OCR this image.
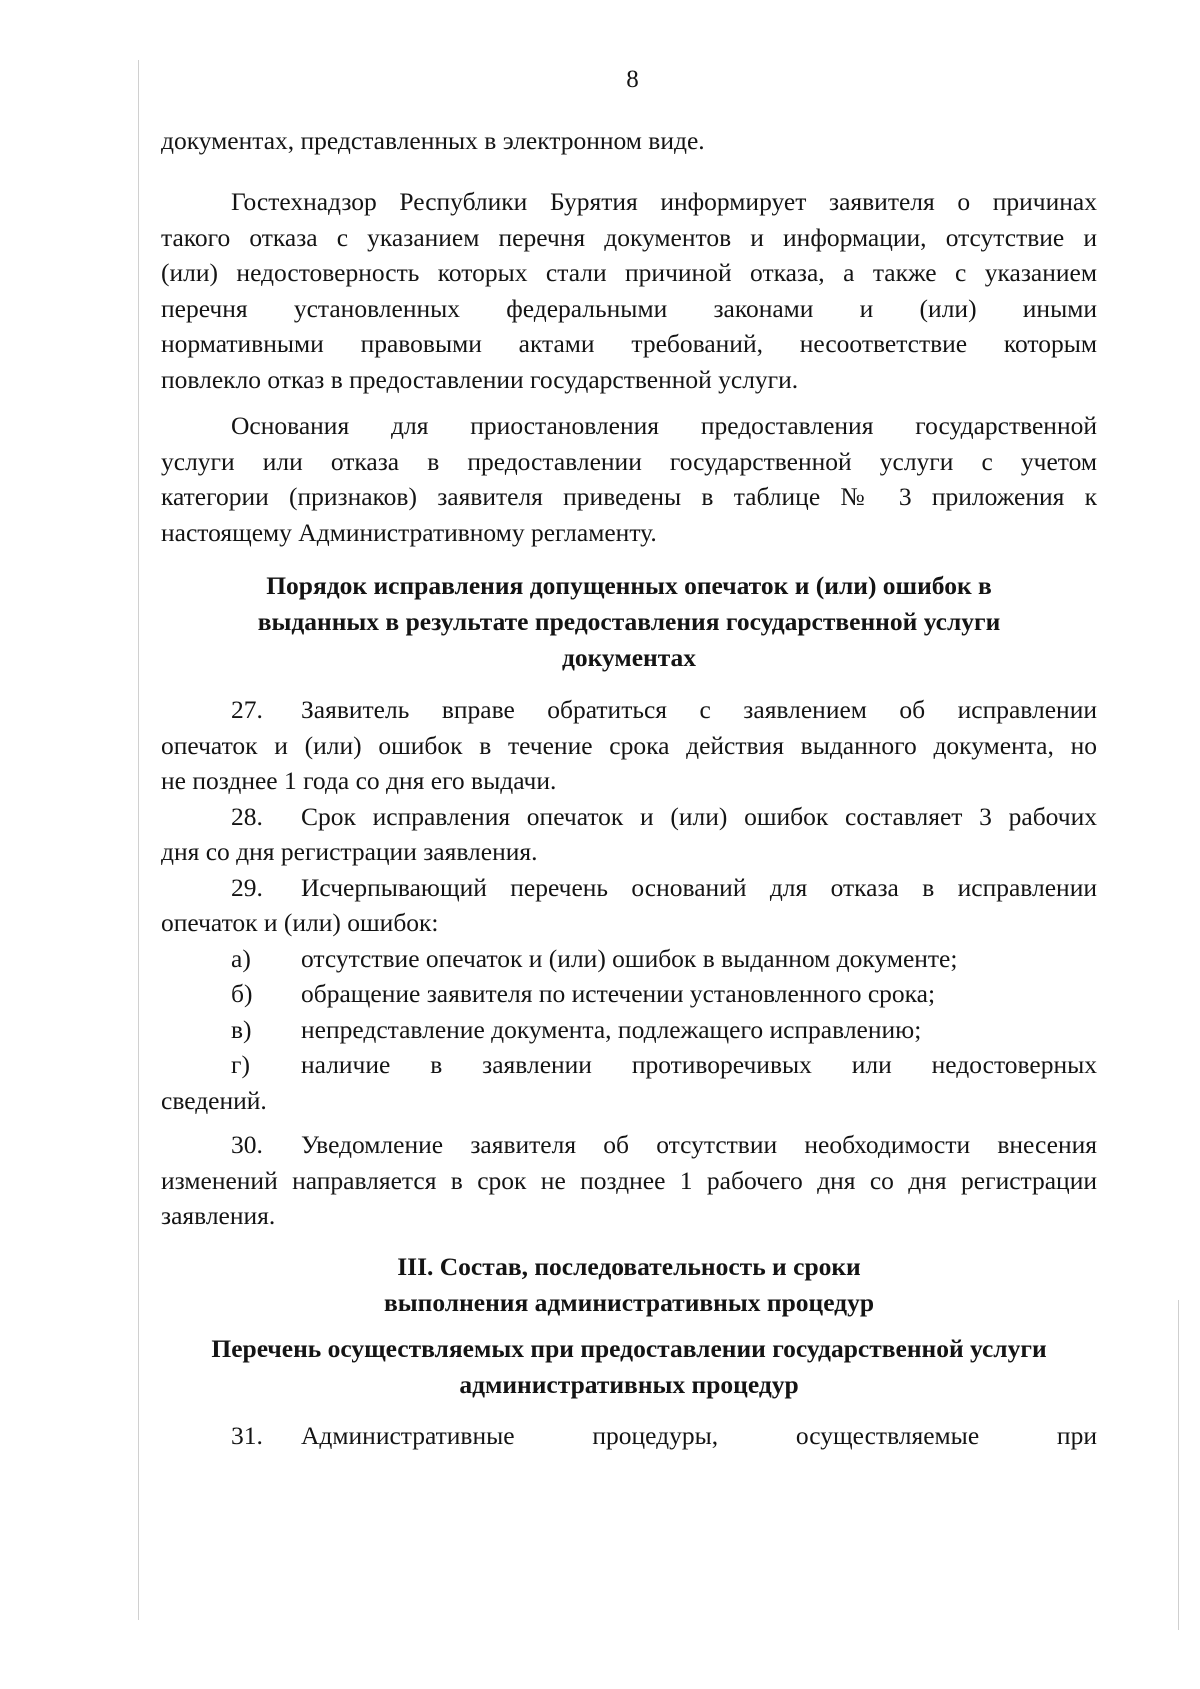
8
документах, представленных в электронном виде.
Гостехнадзор Республики Бурятия информирует заявителя о причинах
такого отказа с указанием перечня документов и информации, отсутствие и
(или) недостоверность которых стали причиной отказа, а также с указанием
перечня установленных федеральными законами и (или) иными
нормативными правовыми актами требований, несоответствие которым
повлекло отказ в предоставлении государственной услуги.
Основания для приостановления предоставления государственной
услуги или отказа в предоставлении государственной услуги с учетом
категории (признаков) заявителя приведены в таблице № 3 приложения к
настоящему Административному регламенту.
Порядок исправления допущенных опечаток и (или) ошибок в
выданных в результате предоставления государственной услуги
документах
27.	Заявитель вправе обратиться с заявлением об исправлении
опечаток и (или) ошибок в течение срока действия выданного документа, но
не позднее 1 года со дня его выдачи.
28.	Срок исправления опечаток и (или) ошибок составляет 3 рабочих
дня со дня регистрации заявления.
29.	Исчерпывающий перечень оснований для отказа в исправлении
опечаток и (или) ошибок:
а)	отсутствие опечаток и (или) ошибок в выданном документе;
б)	обращение заявителя по истечении установленного срока;
в)	непредставление документа, подлежащего исправлению;
г)	наличие в заявлении противоречивых или недостоверных
сведений.
30.	Уведомление заявителя об отсутствии необходимости внесения
изменений направляется в срок не позднее 1 рабочего дня со дня регистрации
заявления.
III. Состав, последовательность и сроки
выполнения административных процедур
Перечень осуществляемых при предоставлении государственной услуги
административных процедур
31.	Административные	процедуры,	осуществляемые	при
